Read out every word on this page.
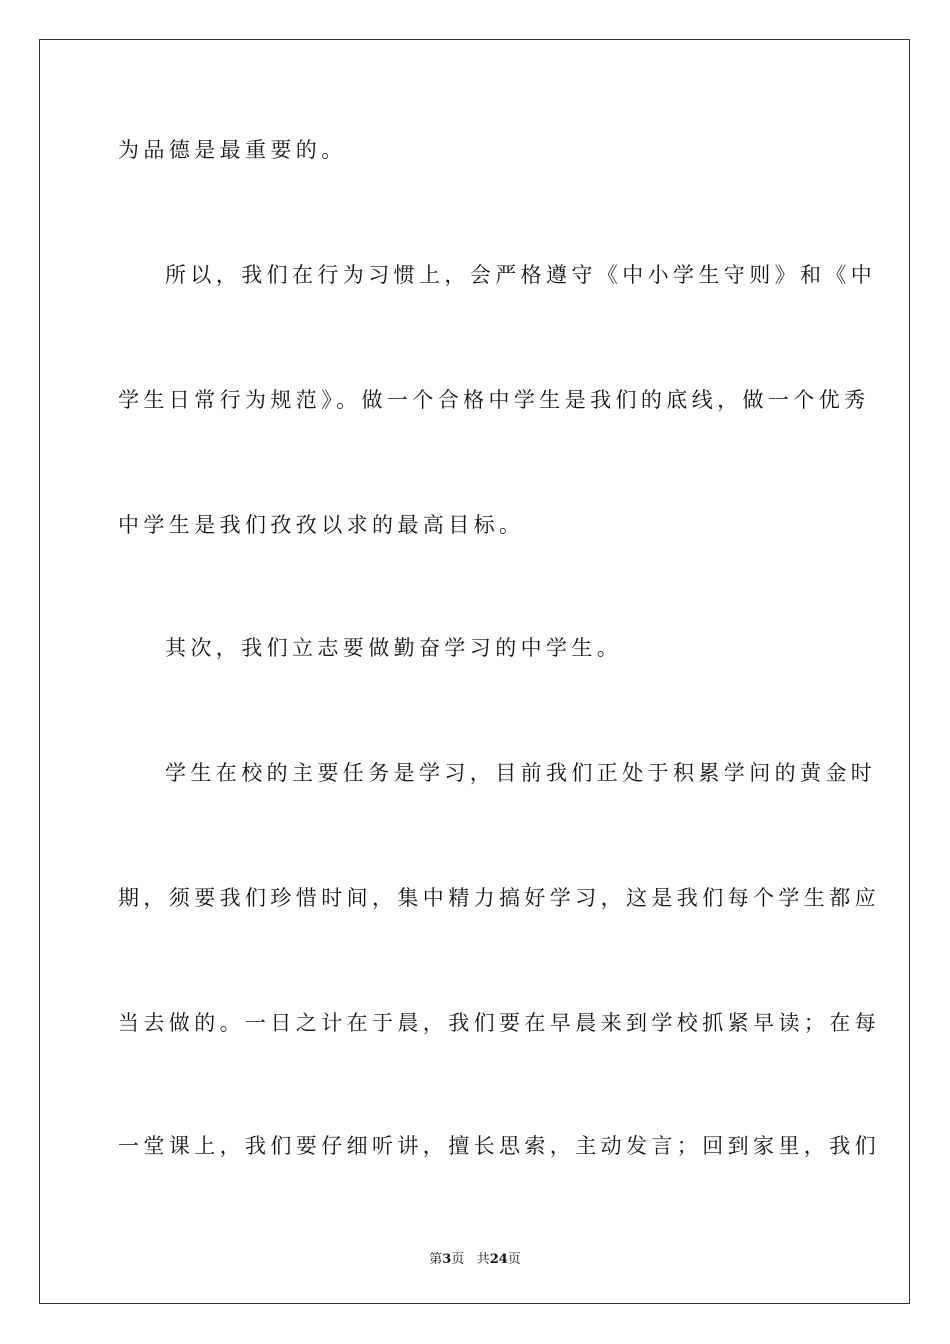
为品德是最重要的。
所以，我们在行为习惯上，会严格遵守《中小学生守则》和《中
学生日常行为规范》。做一个合格中学生是我们的底线，做一个优秀
中学生是我们孜孜以求的最高目标。
其次，我们立志要做勤奋学习的中学生。
学生在校的主要任务是学习，目前我们正处于积累学问的黄金时
期，须要我们珍惜时间，集中精力搞好学习，这是我们每个学生都应
当去做的。一日之计在于晨，我们要在早晨来到学校抓紧早读；在每
一堂课上，我们要仔细听讲，擅长思索，主动发言；回到家里，我们
第3页 共24页
